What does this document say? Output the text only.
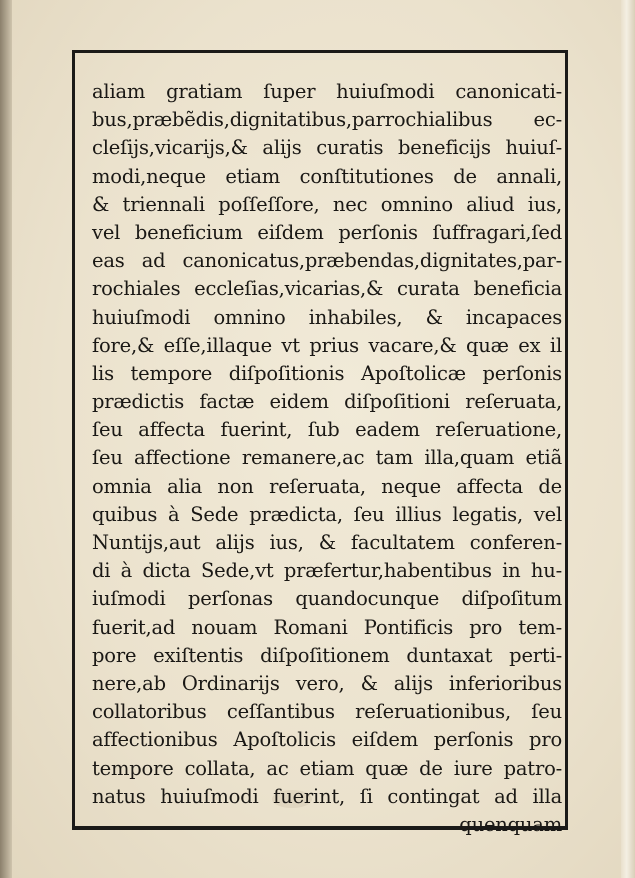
aliam gratiam ſuper huiuſmodi canonicati-
bus,præbẽdis,dignitatibus,parrochialibus ec-
cleſijs,vicarijs,& alijs curatis beneficijs huiuſ-
modi,neque etiam conſtitutiones de annali,
& triennali poſſeſſore, nec omnino aliud ius,
vel beneficium eiſdem perſonis ſuffragari,ſed
eas ad canonicatus,præbendas,dignitates,par-
rochiales eccleſias,vicarias,& curata beneficia
huiuſmodi omnino inhabiles, & incapaces
fore,& eſſe,illaque vt prius vacare,& quæ ex il
lis tempore diſpoſitionis Apoſtolicæ perſonis
prædictis factæ eidem diſpoſitioni reſeruata,
ſeu affecta fuerint, ſub eadem reſeruatione,
ſeu affectione remanere,ac tam illa,quam etiã
omnia alia non reſeruata, neque affecta de
quibus à Sede prædicta, ſeu illius legatis, vel
Nuntijs,aut alijs ius, & facultatem conferen-
di à dicta Sede,vt præfertur,habentibus in hu-
iuſmodi perſonas quandocunque diſpoſitum
fuerit,ad nouam Romani Pontificis pro tem-
pore exiſtentis diſpoſitionem duntaxat perti-
nere,ab Ordinarijs vero, & alijs inferioribus
collatoribus ceſſantibus reſeruationibus, ſeu
affectionibus Apoſtolicis eiſdem perſonis pro
tempore collata, ac etiam quæ de iure patro-
natus huiuſmodi fuerint, ſi contingat ad illa
quenquam
